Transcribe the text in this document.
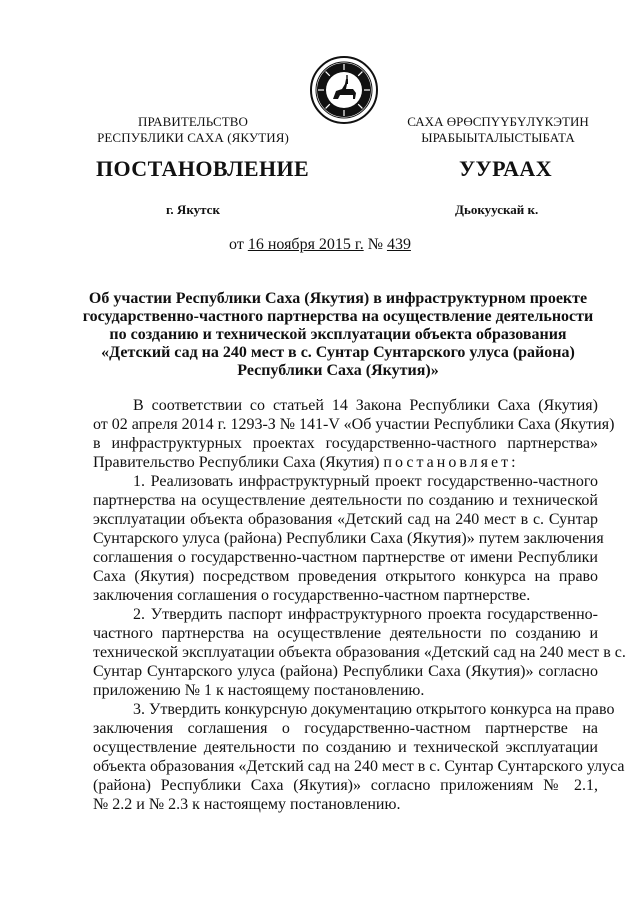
ПРАВИТЕЛЬСТВО
РЕСПУБЛИКИ САХА (ЯКУТИЯ)
САХА ӨРӨСПҮҮБҮЛҮКЭТИН
ЫРАБЫЫТАЛЫСТЫБАТА
ПОСТАНОВЛЕНИЕ	УУРААХ
г. Якутск	Дьокуускай к.
от 16 ноября 2015 г. № 439
Об участии Республики Саха (Якутия) в инфраструктурном проекте
государственно-частного партнерства на осуществление деятельности
по созданию и технической эксплуатации объекта образования
«Детский сад на 240 мест в с. Сунтар Сунтарского улуса (района)
Республики Саха (Якутия)»
В соответствии со статьей 14 Закона Республики Саха (Якутия)
от 02 апреля 2014 г. 1293-З № 141-V «Об участии Республики Саха (Якутия)
в инфраструктурных проектах государственно-частного партнерства»
Правительство Республики Саха (Якутия) постановляет:
1. Реализовать инфраструктурный проект государственно-частного
партнерства на осуществление деятельности по созданию и технической
эксплуатации объекта образования «Детский сад на 240 мест в с. Сунтар
Сунтарского улуса (района) Республики Саха (Якутия)» путем заключения
соглашения о государственно-частном партнерстве от имени Республики
Саха (Якутия) посредством проведения открытого конкурса на право
заключения соглашения о государственно-частном партнерстве.
2. Утвердить паспорт инфраструктурного проекта государственно-
частного партнерства на осуществление деятельности по созданию и
технической эксплуатации объекта образования «Детский сад на 240 мест в с.
Сунтар Сунтарского улуса (района) Республики Саха (Якутия)» согласно
приложению № 1 к настоящему постановлению.
3. Утвердить конкурсную документацию открытого конкурса на право
заключения соглашения о государственно-частном партнерстве на
осуществление деятельности по созданию и технической эксплуатации
объекта образования «Детский сад на 240 мест в с. Сунтар Сунтарского улуса
(района) Республики Саха (Якутия)» согласно приложениям № 2.1,
№ 2.2 и № 2.3 к настоящему постановлению.
